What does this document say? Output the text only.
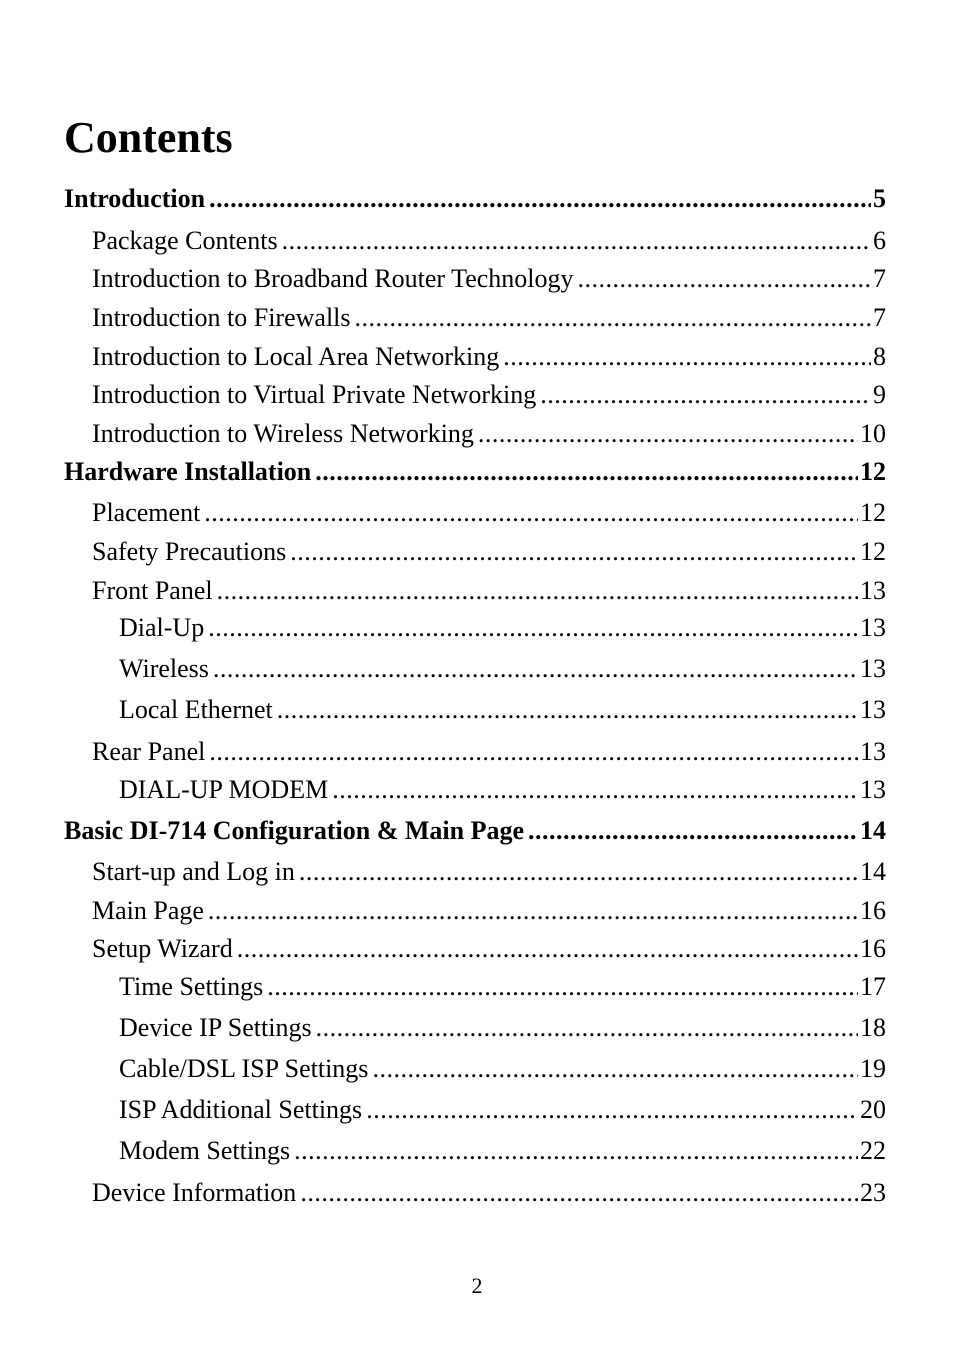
Contents
Introduction .....	5
Package Contents .....	6
Introduction to Broadband Router Technology .....	7
Introduction to Firewalls .....	7
Introduction to Local Area Networking .....	8
Introduction to Virtual Private Networking .....	9
Introduction to Wireless Networking .....	10
Hardware Installation .....	12
Placement .....	12
Safety Precautions .....	12
Front Panel .....	13
Dial-Up .....	13
Wireless .....	13
Local Ethernet .....	13
Rear Panel .....	13
DIAL-UP MODEM .....	13
Basic DI-714 Configuration & Main Page .....	14
Start-up and Log in .....	14
Main Page .....	16
Setup Wizard .....	16
Time Settings .....	17
Device IP Settings .....	18
Cable/DSL ISP Settings .....	19
ISP Additional Settings .....	20
Modem Settings .....	22
Device Information .....	23
2
